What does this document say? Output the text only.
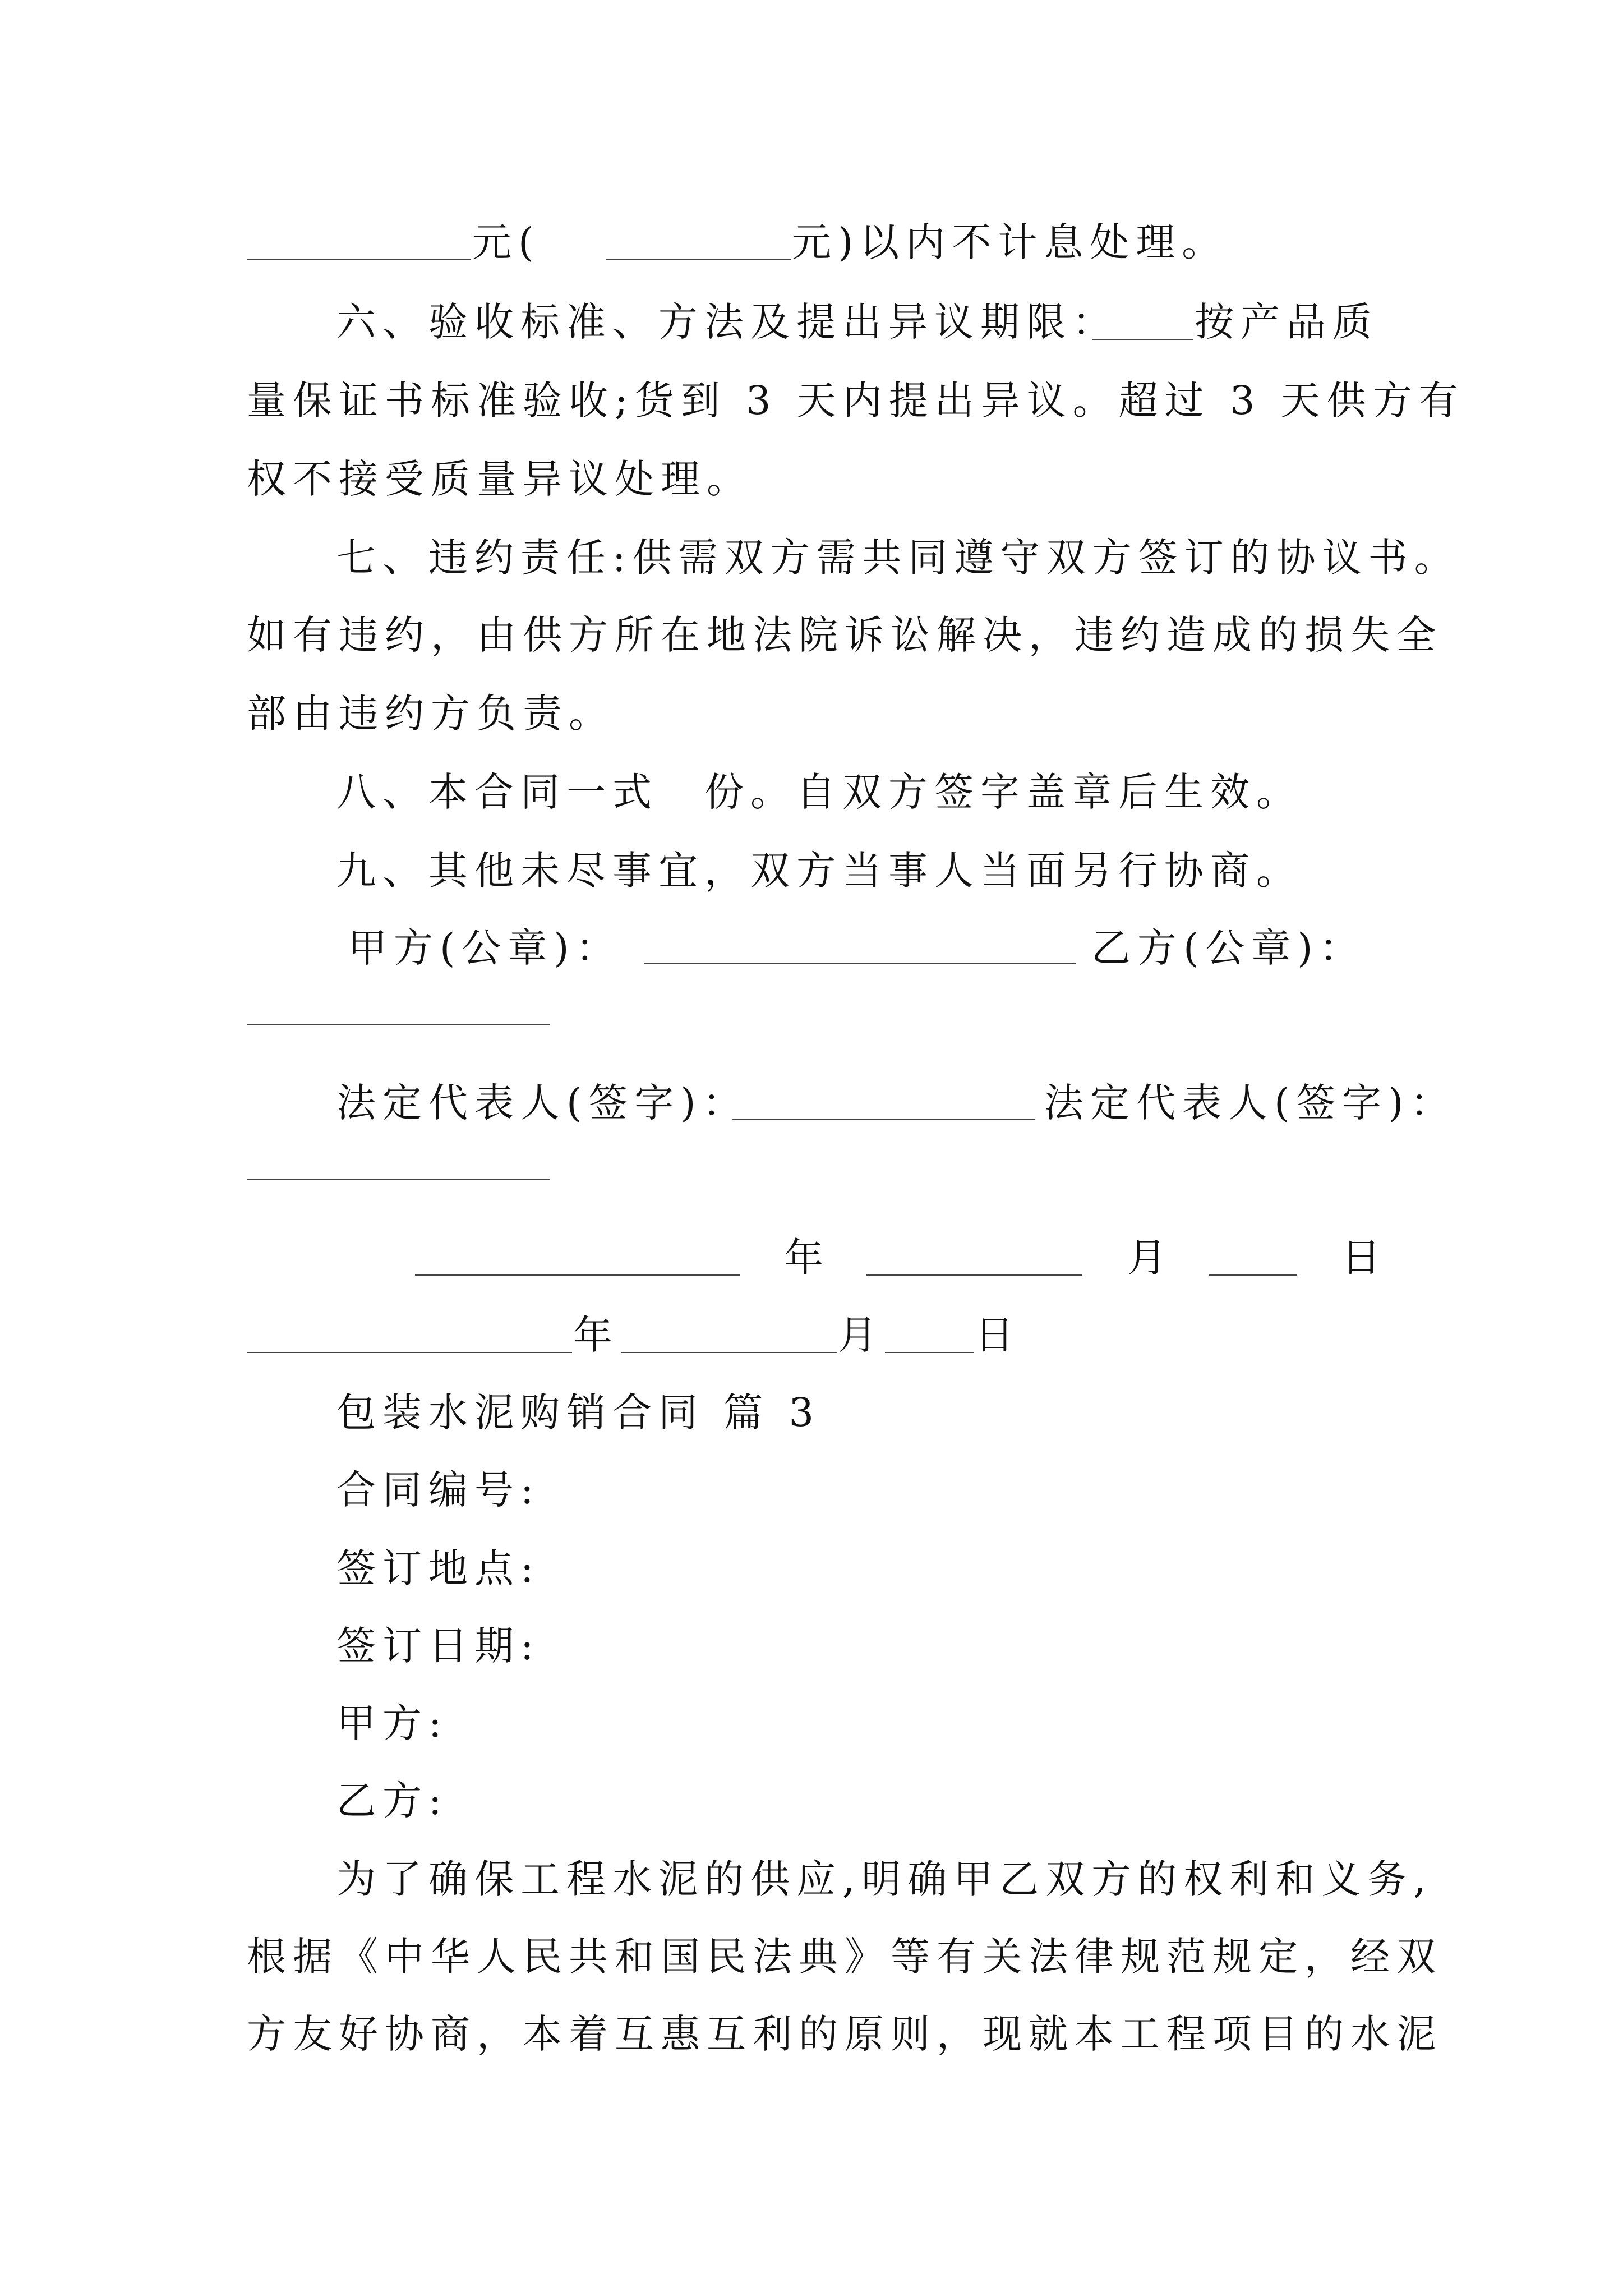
元(	元)以内不计息处理。
六、验收标准、方法及提出异议期限： 按产品质
量保证书标准验收;货到 3 天内提出异议。超过 3 天供方有
权不接受质量异议处理。
七、违约责任:供需双方需共同遵守双方签订的协议书。
如有违约，由供方所在地法院诉讼解决，违约造成的损失全
部由违约方负责。
八、本合同一式　份。自双方签字盖章后生效。
九、其他未尽事宜，双方当事人当面另行协商。
甲方(公章)：	乙方(公章)：
法定代表人(签字)：	法定代表人(签字)：
年	月	日
年	月 日
包装水泥购销合同 篇 3
合同编号:
签订地点:
签订日期:
甲方:
乙方:
为了确保工程水泥的供应,明确甲乙双方的权利和义务,
根据《中华人民共和国民法典》等有关法律规范规定，经双
方友好协商，本着互惠互利的原则，现就本工程项目的水泥
